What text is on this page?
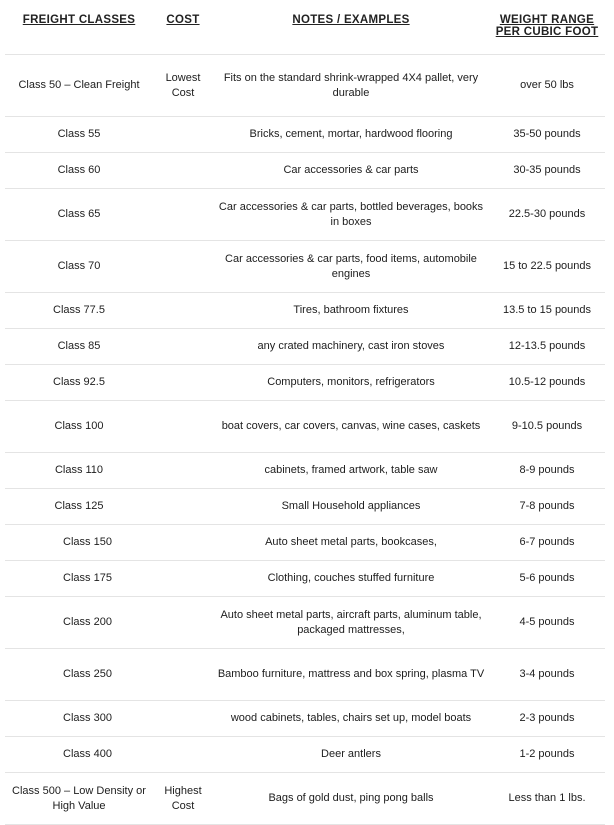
FREIGHT CLASSES	COST	NOTES / EXAMPLES	WEIGHT RANGE
PER CUBIC FOOT
Class 50 – Clean Freight	Lowest Cost	Fits on the standard shrink-wrapped 4X4 pallet, very durable	over 50 lbs
Class 55		Bricks, cement, mortar, hardwood flooring	35-50 pounds
Class 60		Car accessories & car parts	30-35 pounds
Class 65		Car accessories & car parts, bottled beverages, books in boxes	22.5-30 pounds
Class 70		Car accessories & car parts, food items, automobile engines	15 to 22.5 pounds
Class 77.5		Tires, bathroom fixtures	13.5 to 15 pounds
Class 85		any crated machinery, cast iron stoves	12-13.5 pounds
Class 92.5		Computers, monitors, refrigerators	10.5-12 pounds
Class 100		boat covers, car covers, canvas, wine cases, caskets	9-10.5 pounds
Class 110		cabinets, framed artwork, table saw	8-9 pounds
Class 125		Small Household appliances	7-8 pounds
Class 150		Auto sheet metal parts, bookcases,	6-7 pounds
Class 175		Clothing, couches stuffed furniture	5-6 pounds
Class 200		Auto sheet metal parts, aircraft parts, aluminum table, packaged mattresses,	4-5 pounds
Class 250		Bamboo furniture, mattress and box spring, plasma TV	3-4 pounds
Class 300		wood cabinets, tables, chairs set up, model boats	2-3 pounds
Class 400		Deer antlers	1-2 pounds
Class 500 – Low Density or High Value	Highest Cost	Bags of gold dust, ping pong balls	Less than 1 lbs.
